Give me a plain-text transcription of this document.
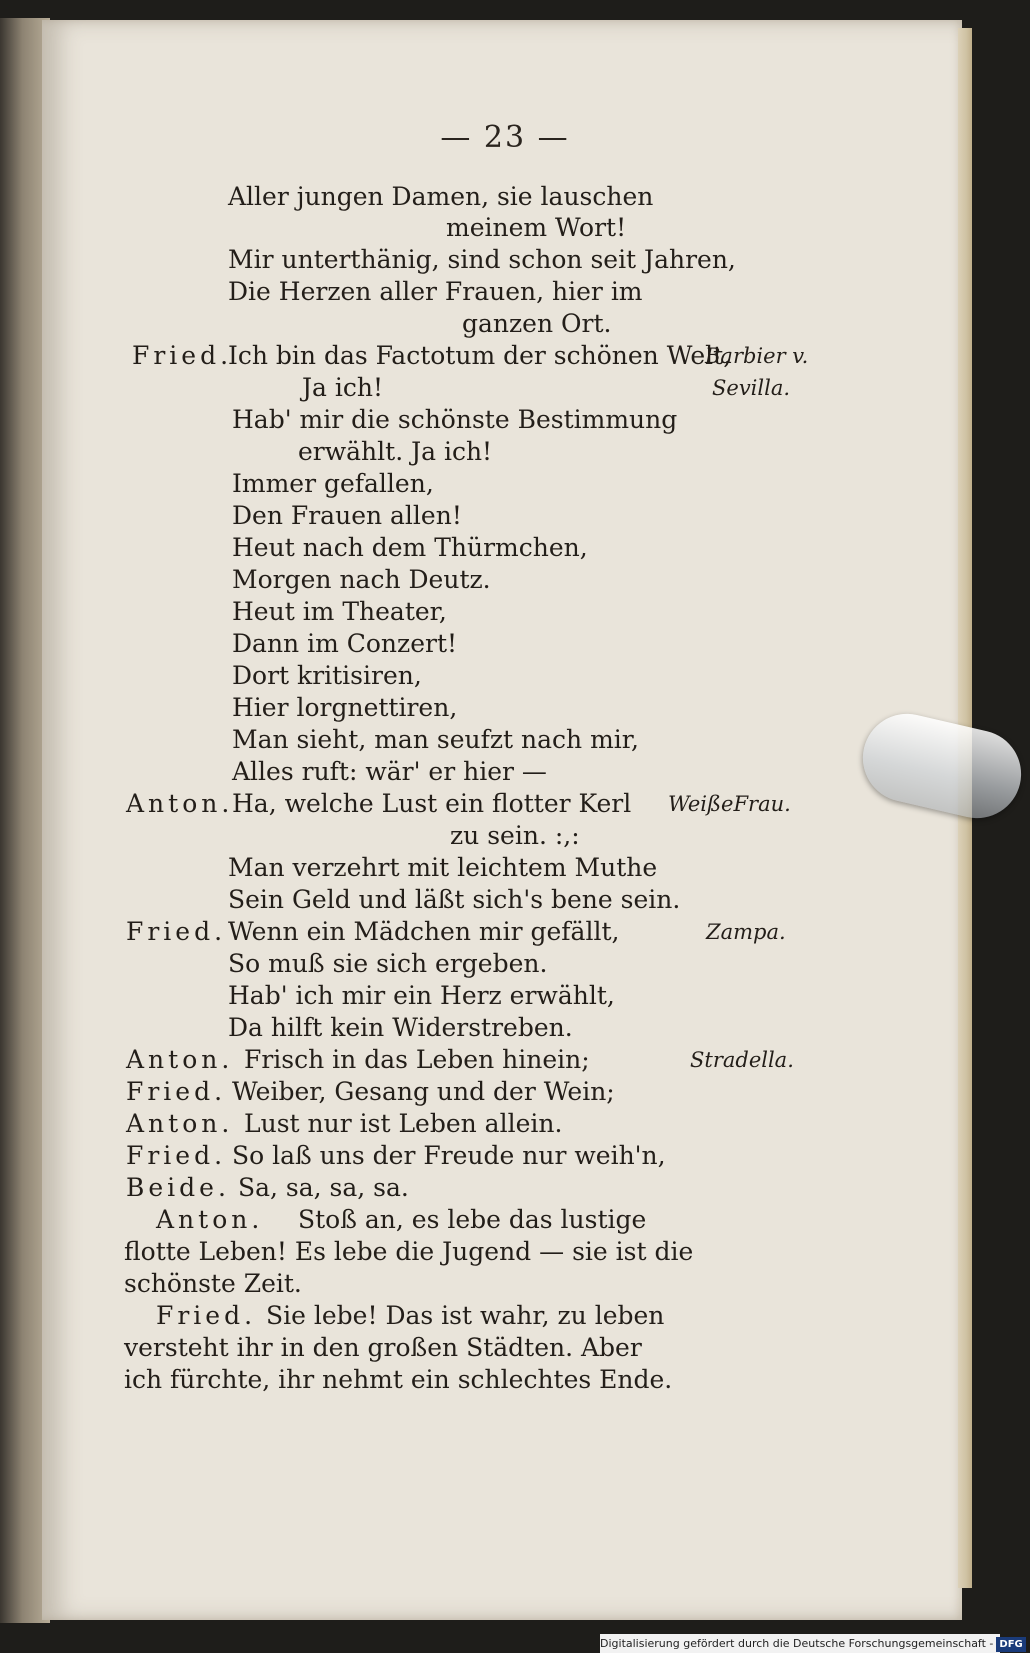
— 23 —
Aller jungen Damen, sie lauschen
meinem Wort!
Mir unterthänig, sind schon seit Jahren,
Die Herzen aller Frauen, hier im
ganzen Ort.
Fried.
Ich bin das Factotum der schönen Welt,
Ja ich!
Hab' mir die schönste Bestimmung
erwählt. Ja ich!
Immer gefallen,
Den Frauen allen!
Heut nach dem Thürmchen,
Morgen nach Deutz.
Heut im Theater,
Dann im Conzert!
Dort kritisiren,
Hier lorgnettiren,
Man sieht, man seufzt nach mir,
Alles ruft: wär' er hier —
Anton.
Ha, welche Lust ein flotter Kerl
zu sein. :,:
Man verzehrt mit leichtem Muthe
Sein Geld und läßt sich's bene sein.
Fried. Wenn ein Mädchen mir gefällt,
So muß sie sich ergeben.
Hab' ich mir ein Herz erwählt,
Da hilft kein Widerstreben.
Anton. Frisch in das Leben hinein;
Fried. Weiber, Gesang und der Wein;
Anton. Lust nur ist Leben allein.
Fried. So laß uns der Freude nur weih'n,
Beide. Sa, sa, sa, sa.
Anton. Stoß an, es lebe das lustige
flotte Leben! Es lebe die Jugend — sie ist die
schönste Zeit.
Fried. Sie lebe! Das ist wahr, zu leben
versteht ihr in den großen Städten. Aber
ich fürchte, ihr nehmt ein schlechtes Ende.
Barbier v.
Sevilla.
WeißeFrau.
Zampa.
Stradella.
Digitalisierung gefördert durch die Deutsche Forschungsgemeinschaft - DFG
